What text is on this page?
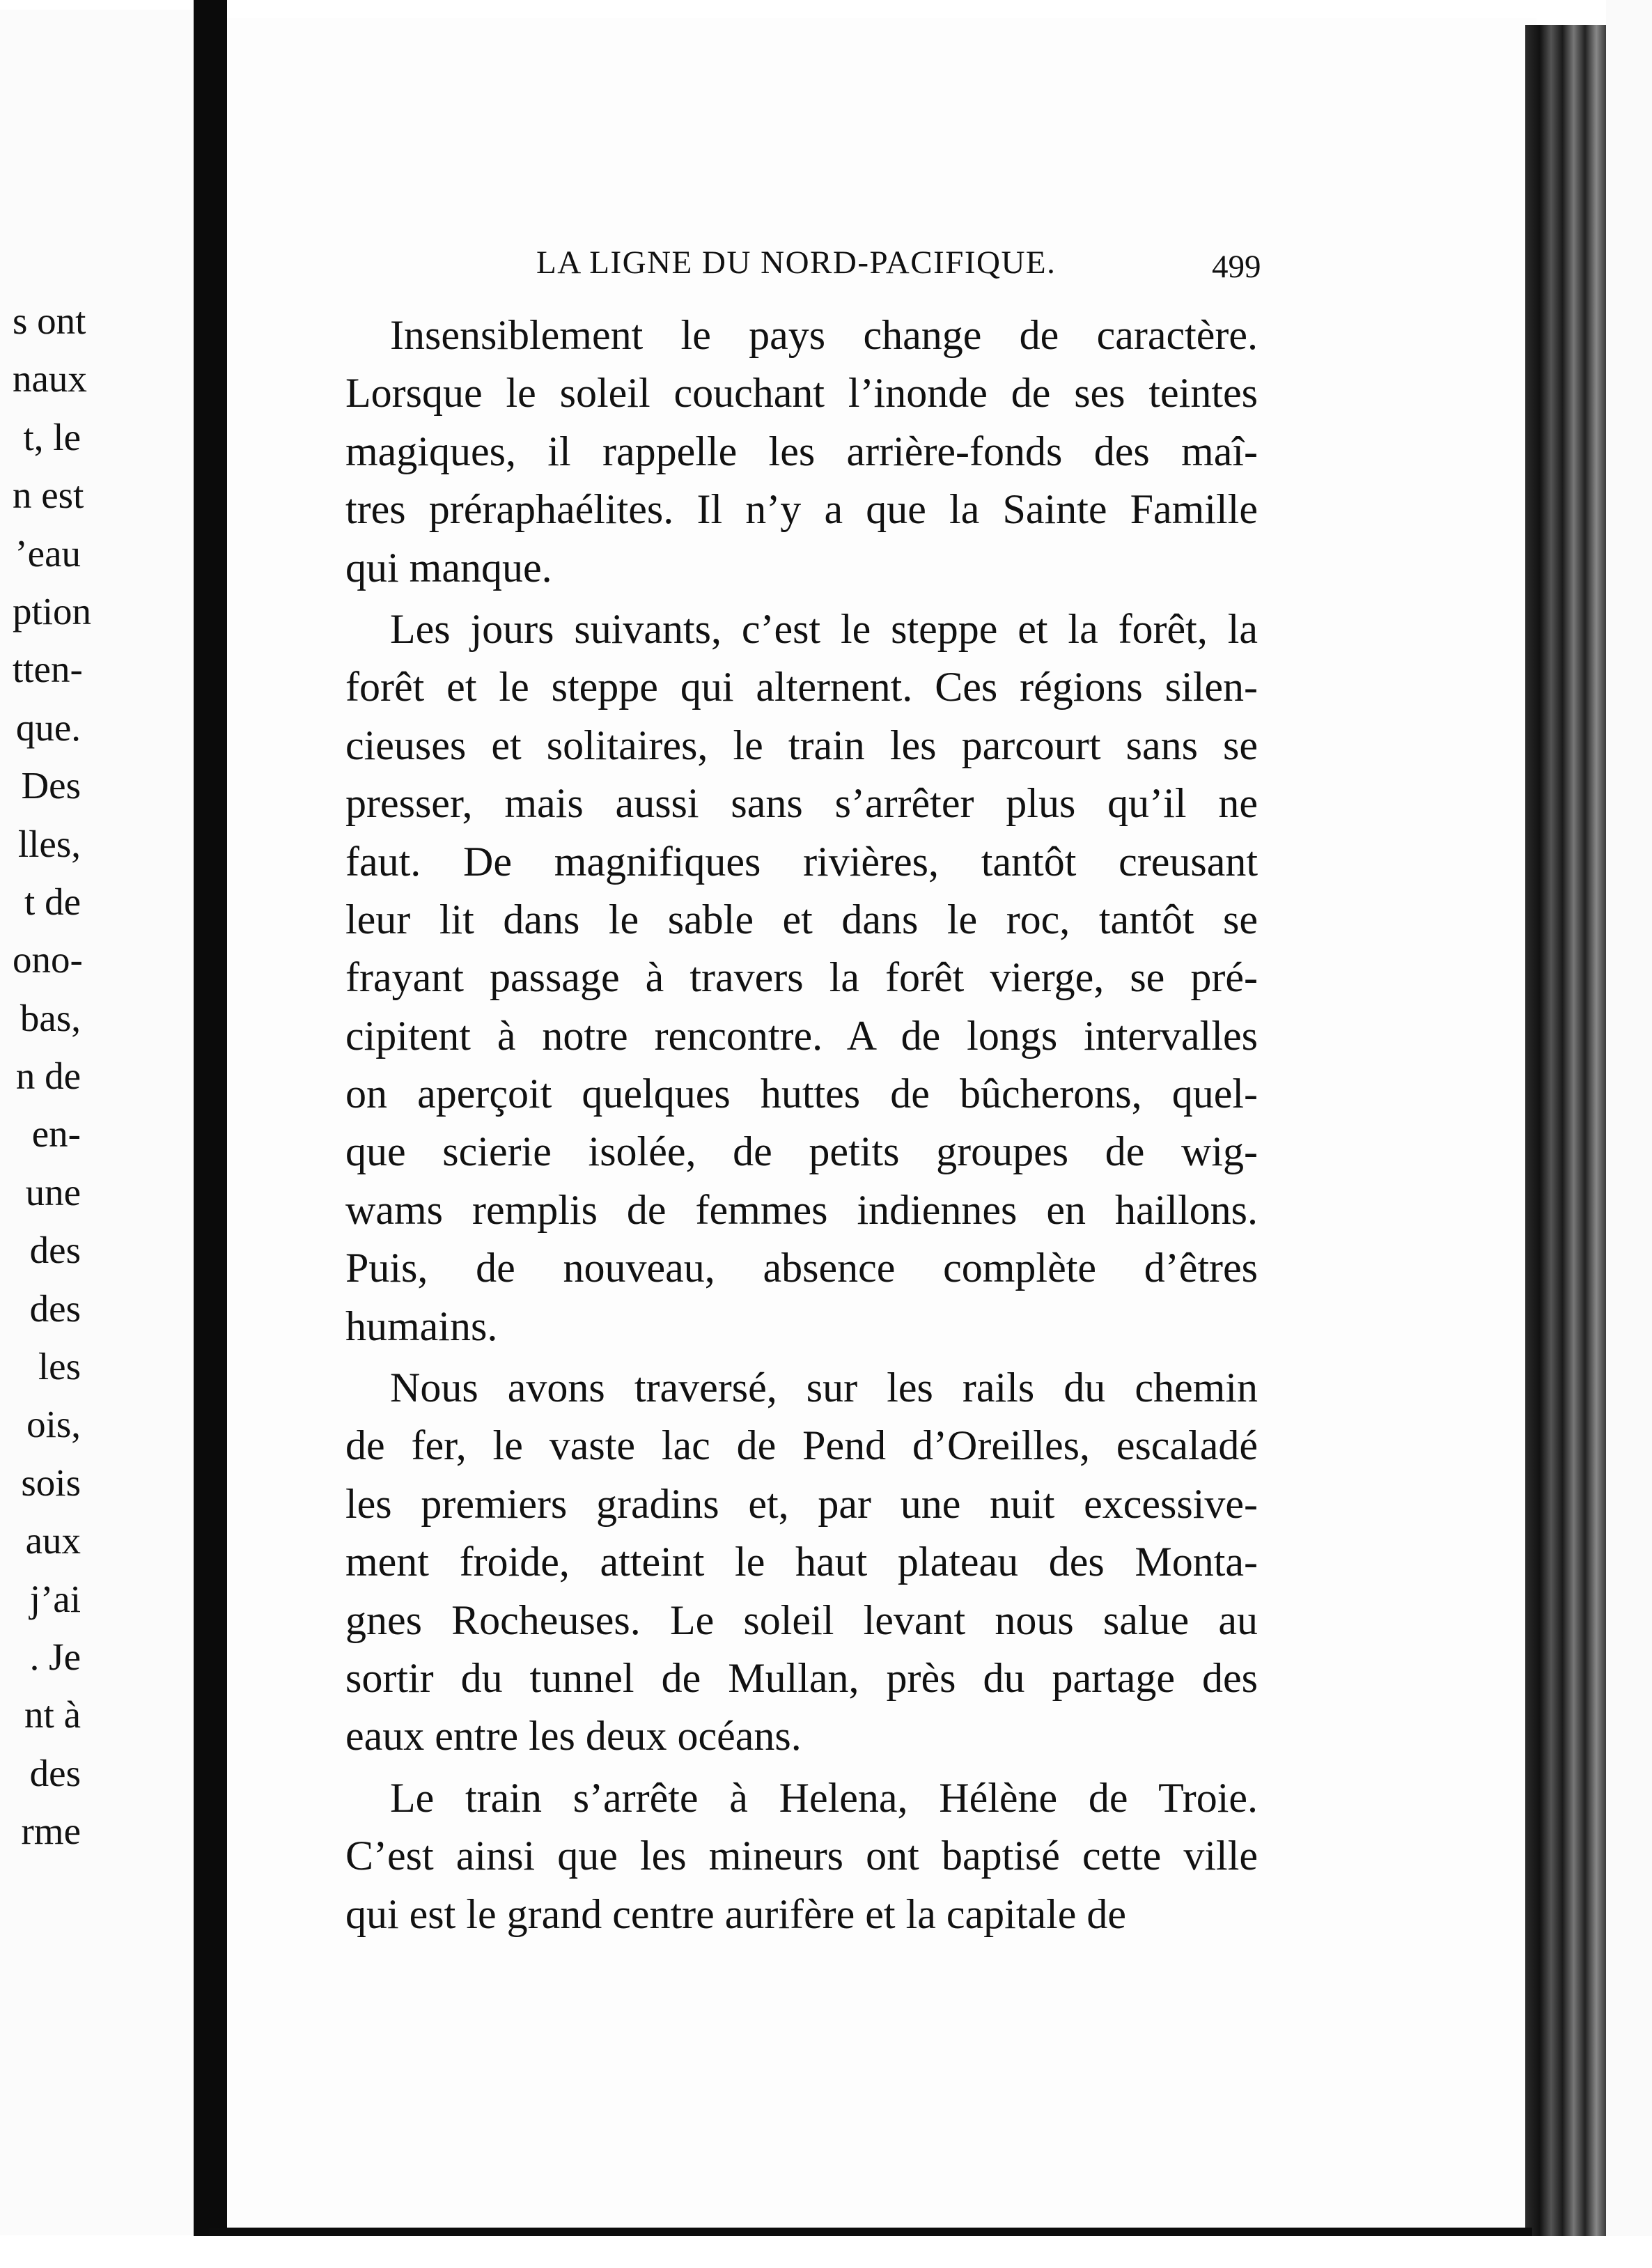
s ont
naux
t, le
n est
’eau
ption
tten-
que.
Des
lles,
t de
ono-
bas,
n de
en-
une
des
des
les
ois,
sois
aux
j’ai
. Je
nt à
des
rme
LA LIGNE DU NORD-PACIFIQUE.	499
Insensiblement le pays change de caractère.
Lorsque le soleil couchant l’inonde de ses teintes
magiques, il rappelle les arrière-fonds des maî-
tres préraphaélites. Il n’y a que la Sainte Famille
qui manque.
Les jours suivants, c’est le steppe et la forêt, la
forêt et le steppe qui alternent. Ces régions silen-
cieuses et solitaires, le train les parcourt sans se
presser, mais aussi sans s’arrêter plus qu’il ne
faut. De magnifiques rivières, tantôt creusant
leur lit dans le sable et dans le roc, tantôt se
frayant passage à travers la forêt vierge, se pré-
cipitent à notre rencontre. A de longs intervalles
on aperçoit quelques huttes de bûcherons, quel-
que scierie isolée, de petits groupes de wig-
wams remplis de femmes indiennes en haillons.
Puis, de nouveau, absence complète d’êtres
humains.
Nous avons traversé, sur les rails du chemin
de fer, le vaste lac de Pend d’Oreilles, escaladé
les premiers gradins et, par une nuit excessive-
ment froide, atteint le haut plateau des Monta-
gnes Rocheuses. Le soleil levant nous salue au
sortir du tunnel de Mullan, près du partage des
eaux entre les deux océans.
Le train s’arrête à Helena, Hélène de Troie.
C’est ainsi que les mineurs ont baptisé cette ville
qui est le grand centre aurifère et la capitale de
